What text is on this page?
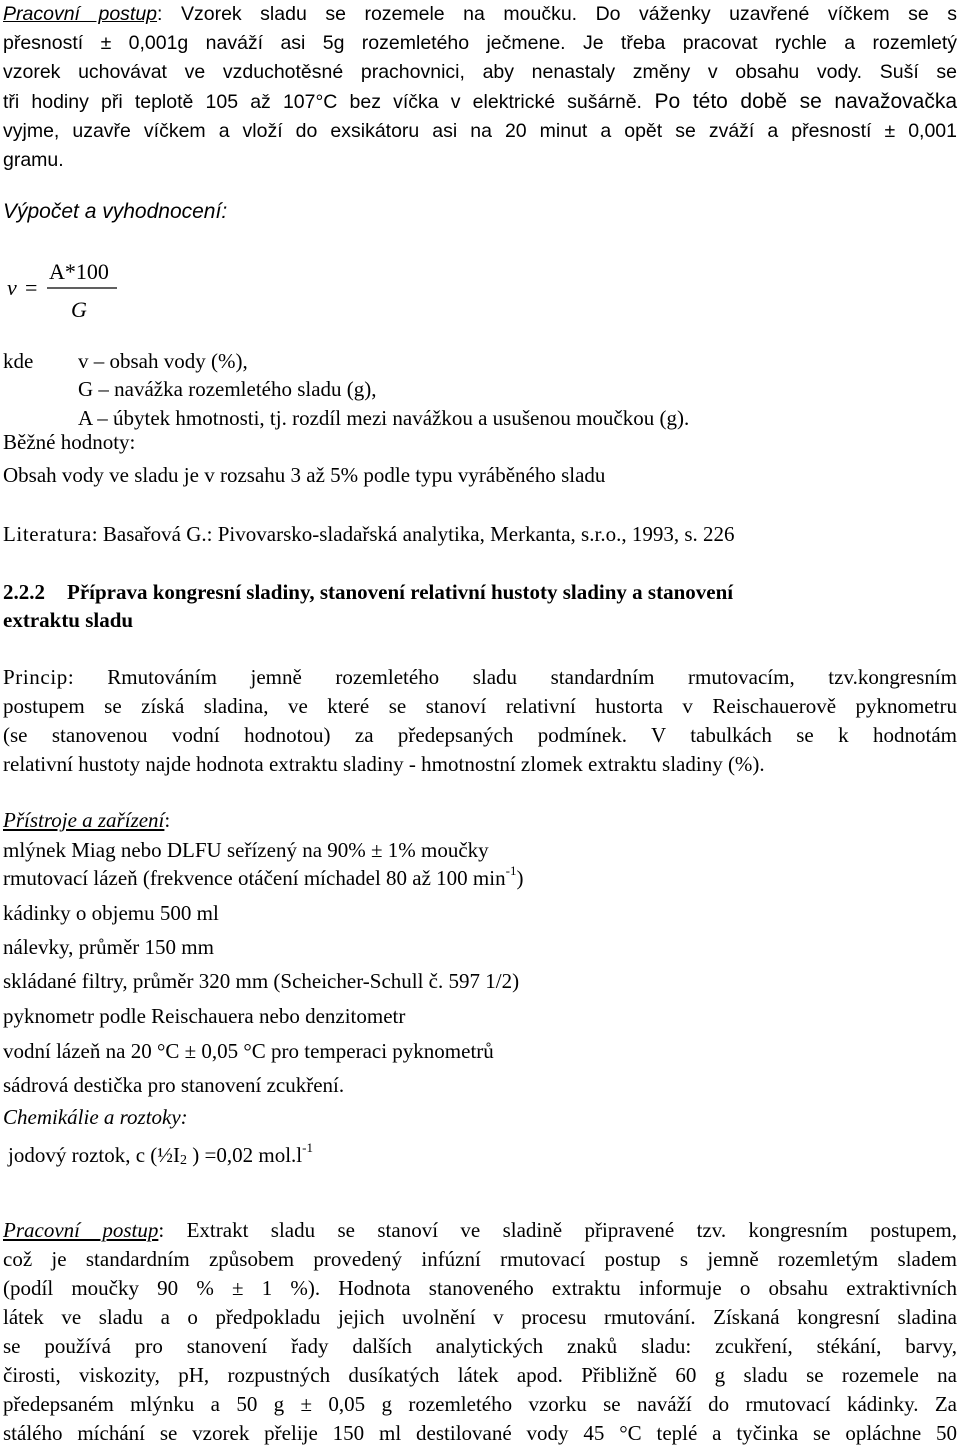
Pracovní postup: Vzorek sladu se rozemele na moučku. Do váženky uzavřené víčkem se s

přesností ± 0,001g naváží asi 5g rozemletého ječmene. Je třeba pracovat rychle a rozemletý

vzorek uchovávat ve vzduchotěsné prachovnici, aby nenastaly změny v obsahu vody. Suší se

tři hodiny při teplotě 105 až 107°C bez víčka v elektrické sušárně. Po této době se navažovačka

vyjme, uzavře víčkem a vloží do exsikátoru asi na 20 minut a opět se zváží a přesností ± 0,001

gramu.

Výpočet a vyhodnocení:
v =
A*100
G
kde v – obsah vody (%),
G – navážka rozemletého sladu (g),
A – úbytek hmotnosti, tj. rozdíl mezi navážkou a usušenou moučkou (g).
Běžné hodnoty:
Obsah vody ve sladu je v rozsahu 3 až 5% podle typu vyráběného sladu
Literatura: Basařová G.: Pivovarsko-sladařská analytika, Merkanta, s.r.o., 1993, s. 226
2.2.2 Příprava kongresní sladiny, stanovení relativní hustoty sladiny a stanovení
extraktu sladu

Princip: Rmutováním jemně rozemletého sladu standardním rmutovacím, tzv.kongresním

postupem se získá sladina, ve které se stanoví relativní hustorta v Reischauerově pyknometru

(se stanovenou vodní hodnotou) za předepsaných podmínek. V tabulkách se k hodnotám

relativní hustoty najde hodnota extraktu sladiny - hmotnostní zlomek extraktu sladiny (%).

Přístroje a zařízení:
mlýnek Miag nebo DLFU seřízený na 90% ± 1% moučky
rmutovací lázeň (frekvence otáčení míchadel 80 až 100 $\min^{-1}$)
kádinky o objemu 500 ml
nálevky, průměr 150 mm
skládané filtry, průměr 320 mm (Scheicher-Schull č. 597 1/2)
pyknometr podle Reischauera nebo denzitometr
vodní lázeň na 20 °C ± 0,05 °C pro temperaci pyknometrů
sádrová destička pro stanovení zcukření.
Chemikálie a roztoky:
jodový roztok, c ($\frac{1}{2}I_2$ ) =0,02 $mol.l^{-1}$

Pracovní postup: Extrakt sladu se stanoví ve sladině připravené tzv. kongresním postupem,

což je standardním způsobem provedený infúzní rmutovací postup s jemně rozemletým sladem

(podíl moučky 90 % ± 1 %). Hodnota stanoveného extraktu informuje o obsahu extraktivních

látek ve sladu a o předpokladu jejich uvolnění v procesu rmutování. Získaná kongresní sladina

se používá pro stanovení řady dalších analytických znaků sladu: zcukření, stékání, barvy,

čirosti, viskozity, pH, rozpustných dusíkatých látek apod. Přibližně 60 g sladu se rozemele na

předepsaném mlýnku a 50 g ± 0,05 g rozemletého vzorku se naváží do rmutovací kádinky. Za

stálého míchání se vzorek přelije 150 ml destilované vody 45 °C teplé a tyčinka se opláchne 50
